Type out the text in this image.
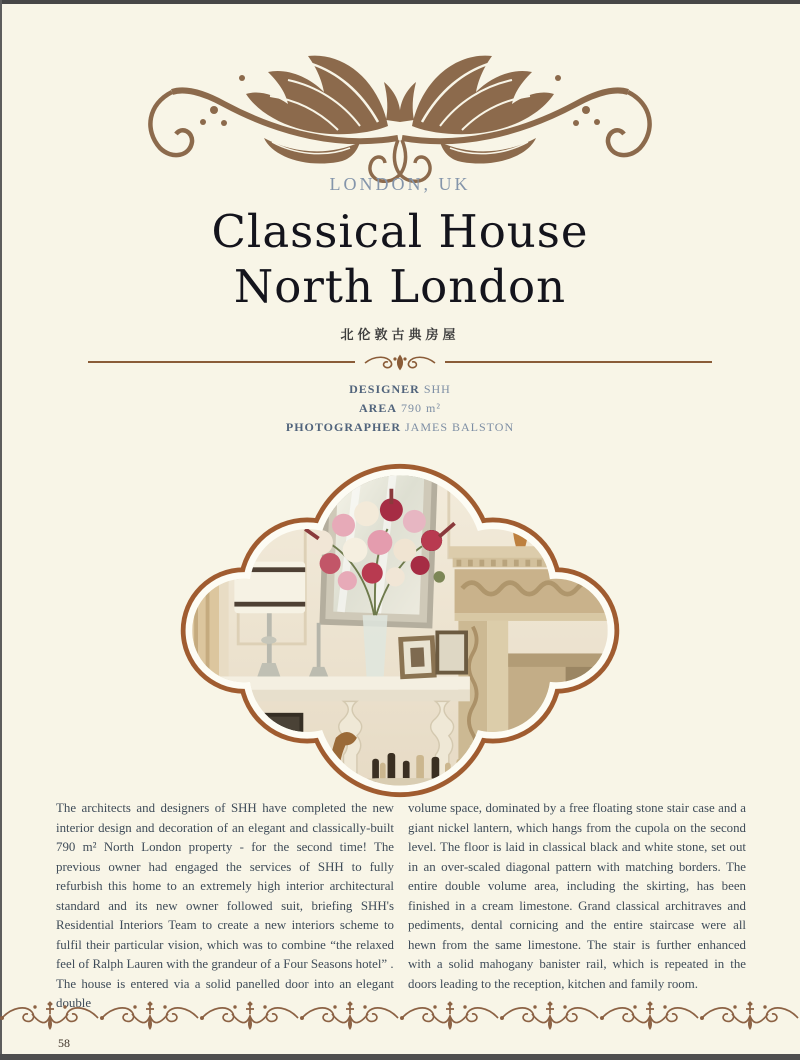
LONDON, UK
Classical House
North London
北伦敦古典房屋
DESIGNER SHH
AREA 790 m²
PHOTOGRAPHER JAMES BALSTON

The architects and designers of SHH have completed the new interior design and decoration of an elegant and classically-built 790 m² North London property - for the second time! The previous owner had engaged the services of SHH to fully refurbish this home to an extremely high interior architectural standard and its new owner followed suit, briefing SHH's Residential Interiors Team to create a new interiors scheme to fulfil their particular vision, which was to combine “the relaxed feel of Ralph Lauren with the grandeur of a Four Seasons hotel” .

The house is entered via a solid panelled door into an elegant double

volume space, dominated by a free floating stone stair case and a giant nickel lantern, which hangs from the cupola on the second level. The floor is laid in classical black and white stone, set out in an over-scaled diagonal pattern with matching borders. The entire double volume area, including the skirting, has been finished in a cream limestone. Grand classical architraves and pediments, dental cornicing and the entire staircase were all hewn from the same limestone. The stair is further enhanced with a solid mahogany banister rail, which is repeated in the doors leading to the reception, kitchen and family room.

58
